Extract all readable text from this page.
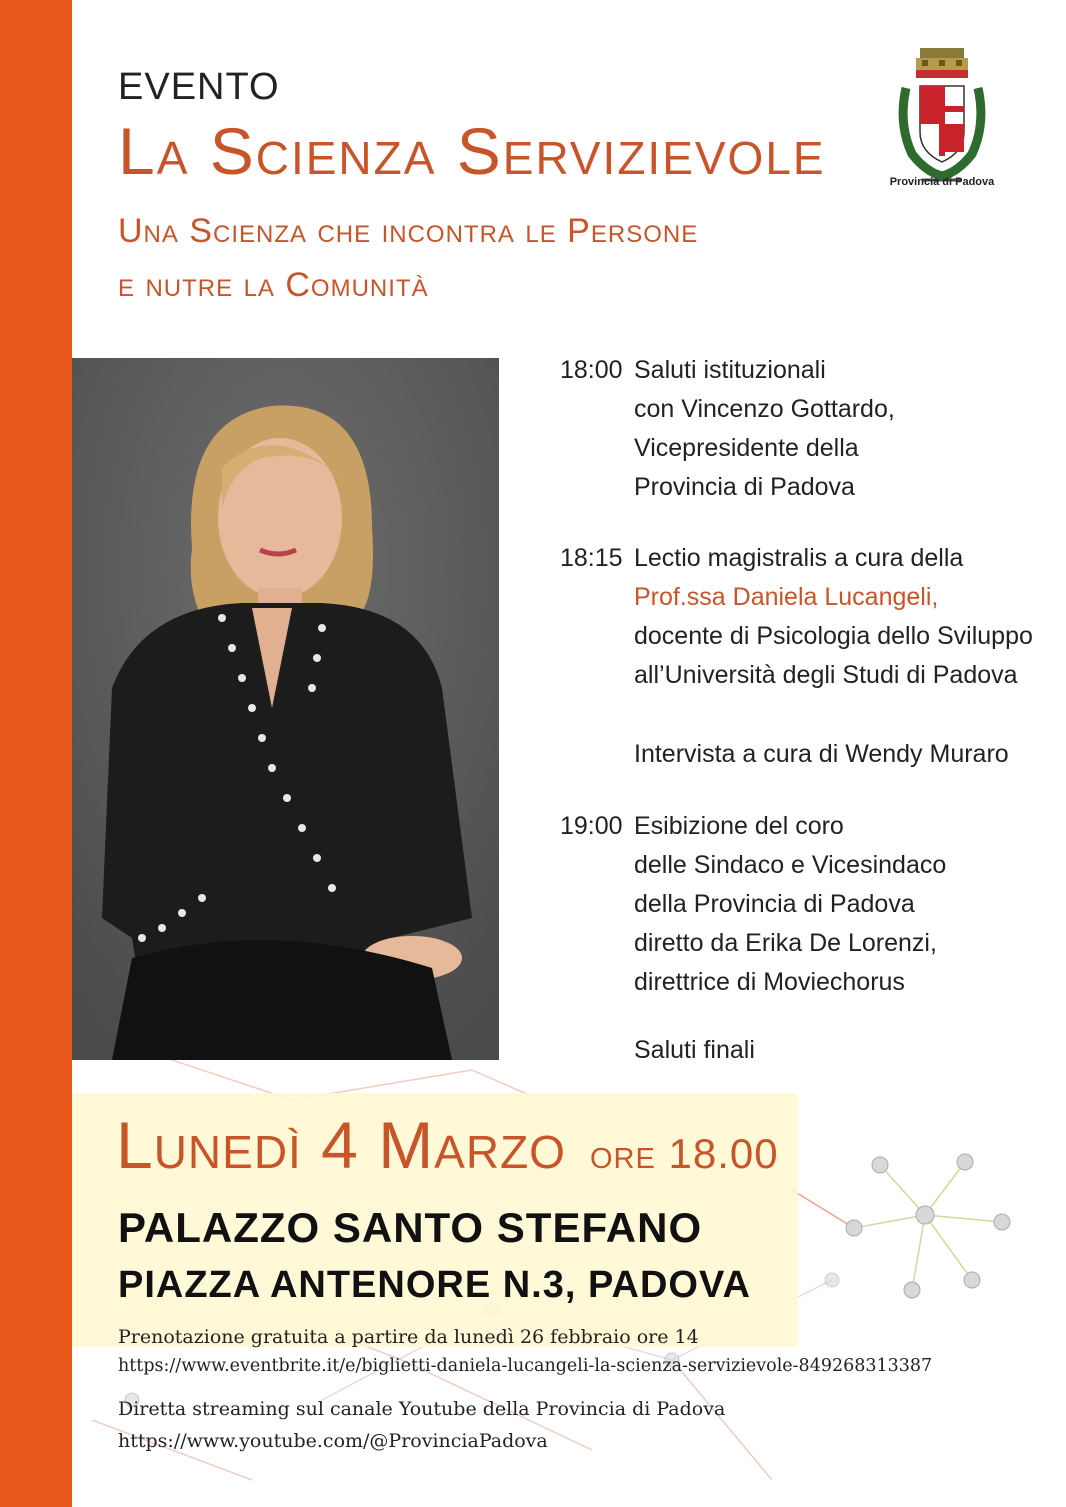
EVENTO
La Scienza Servizievole
Una Scienza che incontra le Persone
e nutre la Comunità
Provincia di Padova
18:00 Saluti istituzionali
con Vincenzo Gottardo,
Vicepresidente della
Provincia di Padova
18:15 Lectio magistralis a cura della
Prof.ssa Daniela Lucangeli,
docente di Psicologia dello Sviluppo
all’Università degli Studi di Padova
Intervista a cura di Wendy Muraro
19:00 Esibizione del coro
delle Sindaco e Vicesindaco
della Provincia di Padova
diretto da Erika De Lorenzi,
direttrice di Moviechorus
Saluti finali
Lunedì 4 Marzo ore 18.00
PALAZZO SANTO STEFANO
PIAZZA ANTENORE N.3, PADOVA
Prenotazione gratuita a partire da lunedì 26 febbraio ore 14
https://www.eventbrite.it/e/biglietti-daniela-lucangeli-la-scienza-servizievole-849268313387
Diretta streaming sul canale Youtube della Provincia di Padova
https://www.youtube.com/@ProvinciaPadova
